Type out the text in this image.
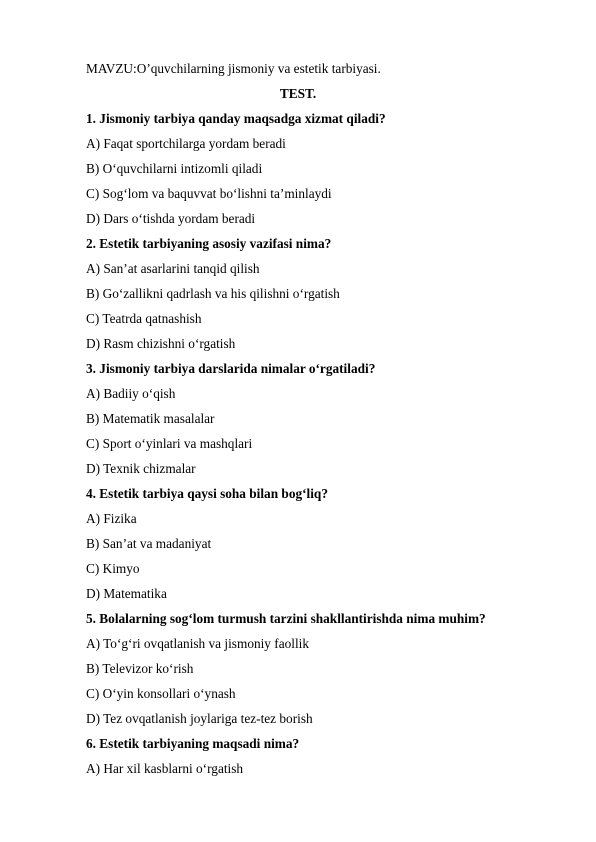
MAVZU:O’quvchilarning jismoniy va estetik tarbiyasi.
TEST.
1. Jismoniy tarbiya qanday maqsadga xizmat qiladi?
A) Faqat sportchilarga yordam beradi
B) O‘quvchilarni intizomli qiladi
C) Sog‘lom va baquvvat bo‘lishni ta’minlaydi
D) Dars o‘tishda yordam beradi
2. Estetik tarbiyaning asosiy vazifasi nima?
A) San’at asarlarini tanqid qilish
B) Go‘zallikni qadrlash va his qilishni o‘rgatish
C) Teatrda qatnashish
D) Rasm chizishni o‘rgatish
3. Jismoniy tarbiya darslarida nimalar o‘rgatiladi?
A) Badiiy o‘qish
B) Matematik masalalar
C) Sport o‘yinlari va mashqlari
D) Texnik chizmalar
4. Estetik tarbiya qaysi soha bilan bog‘liq?
A) Fizika
B) San’at va madaniyat
C) Kimyo
D) Matematika
5. Bolalarning sog‘lom turmush tarzini shakllantirishda nima muhim?
A) To‘g‘ri ovqatlanish va jismoniy faollik
B) Televizor ko‘rish
C) O‘yin konsollari o‘ynash
D) Tez ovqatlanish joylariga tez-tez borish
6. Estetik tarbiyaning maqsadi nima?
A) Har xil kasblarni o‘rgatish
